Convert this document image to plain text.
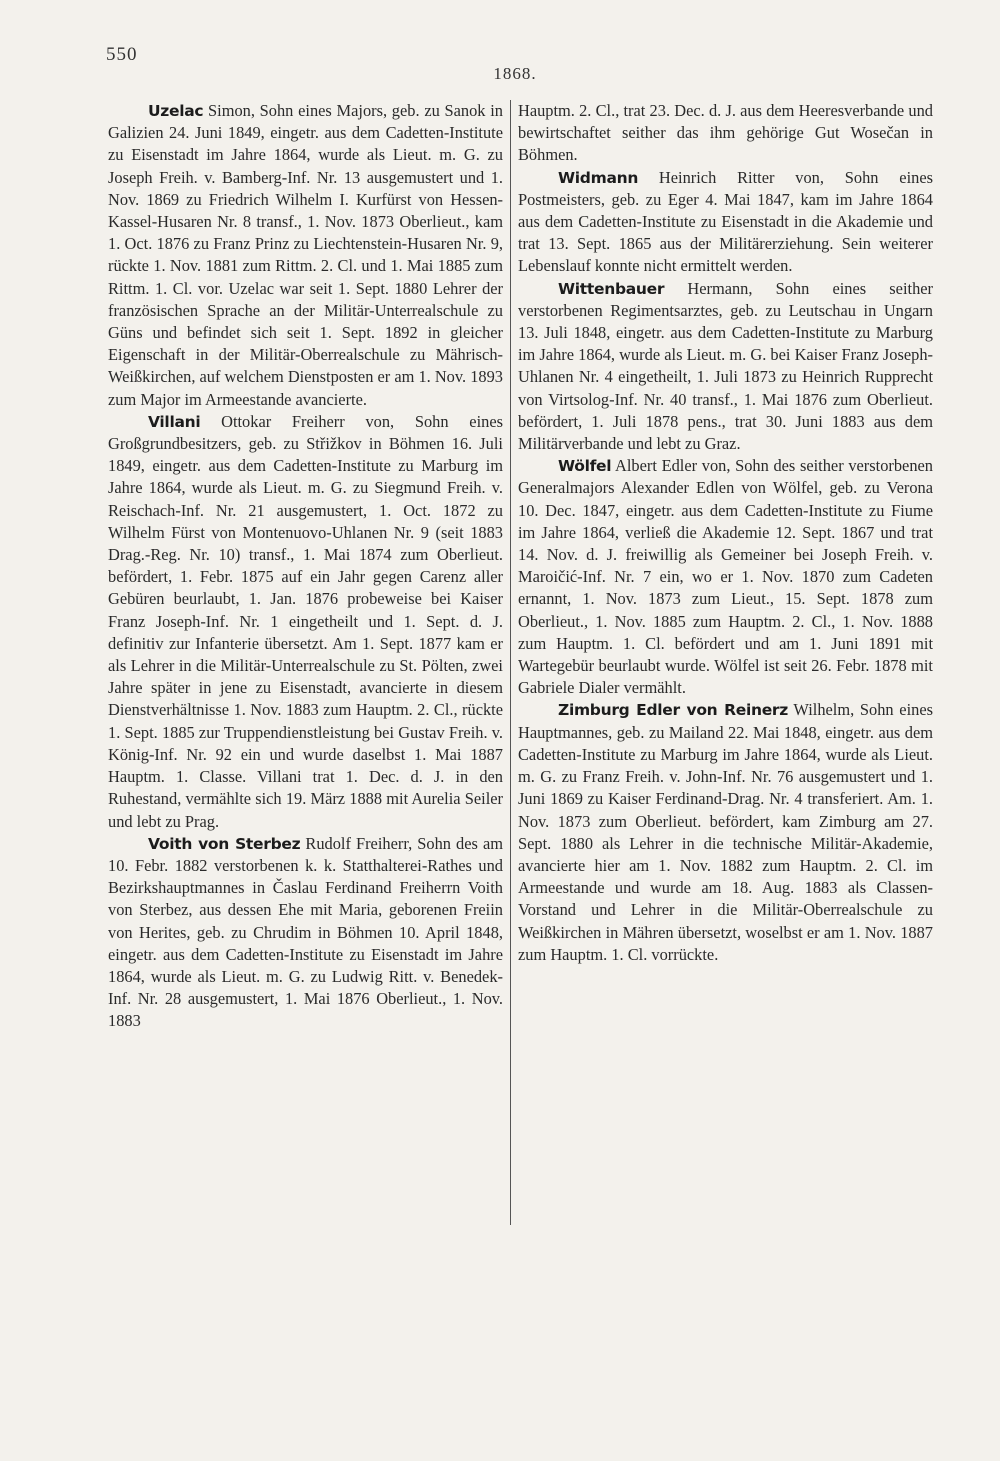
550
1868.

Uzelac Simon, Sohn eines Majors, geb. zu Sanok in Galizien 24. Juni 1849, eingetr. aus dem Cadetten-Institute zu Eisenstadt im Jahre 1864, wurde als Lieut. m. G. zu Joseph Freih. v. Bamberg-Inf. Nr. 13 ausgemustert und 1. Nov. 1869 zu Friedrich Wilhelm I. Kurfürst von Hessen-Kassel-Husaren Nr. 8 transf., 1. Nov. 1873 Oberlieut., kam 1. Oct. 1876 zu Franz Prinz zu Liechtenstein-Husaren Nr. 9, rückte 1. Nov. 1881 zum Rittm. 2. Cl. und 1. Mai 1885 zum Rittm. 1. Cl. vor. Uzelac war seit 1. Sept. 1880 Lehrer der französischen Sprache an der Militär-Unterrealschule zu Güns und befindet sich seit 1. Sept. 1892 in gleicher Eigenschaft in der Militär-Oberrealschule zu Mährisch-Weißkirchen, auf welchem Dienstposten er am 1. Nov. 1893 zum Major im Armeestande avancierte.

Villani Ottokar Freiherr von, Sohn eines Großgrundbesitzers, geb. zu Střižkov in Böhmen 16. Juli 1849, eingetr. aus dem Cadetten-Institute zu Marburg im Jahre 1864, wurde als Lieut. m. G. zu Siegmund Freih. v. Reischach-Inf. Nr. 21 ausgemustert, 1. Oct. 1872 zu Wilhelm Fürst von Montenuovo-Uhlanen Nr. 9 (seit 1883 Drag.-Reg. Nr. 10) transf., 1. Mai 1874 zum Oberlieut. befördert, 1. Febr. 1875 auf ein Jahr gegen Carenz aller Gebüren beurlaubt, 1. Jan. 1876 probeweise bei Kaiser Franz Joseph-Inf. Nr. 1 eingetheilt und 1. Sept. d. J. definitiv zur Infanterie übersetzt. Am 1. Sept. 1877 kam er als Lehrer in die Militär-Unterrealschule zu St. Pölten, zwei Jahre später in jene zu Eisenstadt, avancierte in diesem Dienstverhältnisse 1. Nov. 1883 zum Hauptm. 2. Cl., rückte 1. Sept. 1885 zur Truppendienstleistung bei Gustav Freih. v. König-Inf. Nr. 92 ein und wurde daselbst 1. Mai 1887 Hauptm. 1. Classe. Villani trat 1. Dec. d. J. in den Ruhestand, vermählte sich 19. März 1888 mit Aurelia Seiler und lebt zu Prag.

Voith von Sterbez Rudolf Freiherr, Sohn des am 10. Febr. 1882 verstorbenen k. k. Statthalterei-Rathes und Bezirkshauptmannes in Časlau Ferdinand Freiherrn Voith von Sterbez, aus dessen Ehe mit Maria, geborenen Freiin von Herites, geb. zu Chrudim in Böhmen 10. April 1848, eingetr. aus dem Cadetten-Institute zu Eisenstadt im Jahre 1864, wurde als Lieut. m. G. zu Ludwig Ritt. v. Benedek-Inf. Nr. 28 ausgemustert, 1. Mai 1876 Oberlieut., 1. Nov. 1883

Hauptm. 2. Cl., trat 23. Dec. d. J. aus dem Heeresverbande und bewirtschaftet seither das ihm gehörige Gut Wosečan in Böhmen.

Widmann Heinrich Ritter von, Sohn eines Postmeisters, geb. zu Eger 4. Mai 1847, kam im Jahre 1864 aus dem Cadetten-Institute zu Eisenstadt in die Akademie und trat 13. Sept. 1865 aus der Militärerziehung. Sein weiterer Lebenslauf konnte nicht ermittelt werden.

Wittenbauer Hermann, Sohn eines seither verstorbenen Regimentsarztes, geb. zu Leutschau in Ungarn 13. Juli 1848, eingetr. aus dem Cadetten-Institute zu Marburg im Jahre 1864, wurde als Lieut. m. G. bei Kaiser Franz Joseph-Uhlanen Nr. 4 eingetheilt, 1. Juli 1873 zu Heinrich Rupprecht von Virtsolog-Inf. Nr. 40 transf., 1. Mai 1876 zum Oberlieut. befördert, 1. Juli 1878 pens., trat 30. Juni 1883 aus dem Militärverbande und lebt zu Graz.

Wölfel Albert Edler von, Sohn des seither verstorbenen Generalmajors Alexander Edlen von Wölfel, geb. zu Verona 10. Dec. 1847, eingetr. aus dem Cadetten-Institute zu Fiume im Jahre 1864, verließ die Akademie 12. Sept. 1867 und trat 14. Nov. d. J. freiwillig als Gemeiner bei Joseph Freih. v. Maroičić-Inf. Nr. 7 ein, wo er 1. Nov. 1870 zum Cadeten ernannt, 1. Nov. 1873 zum Lieut., 15. Sept. 1878 zum Oberlieut., 1. Nov. 1885 zum Hauptm. 2. Cl., 1. Nov. 1888 zum Hauptm. 1. Cl. befördert und am 1. Juni 1891 mit Wartegebür beurlaubt wurde. Wölfel ist seit 26. Febr. 1878 mit Gabriele Dialer vermählt.

Zimburg Edler von Reinerz Wilhelm, Sohn eines Hauptmannes, geb. zu Mailand 22. Mai 1848, eingetr. aus dem Cadetten-Institute zu Marburg im Jahre 1864, wurde als Lieut. m. G. zu Franz Freih. v. John-Inf. Nr. 76 ausgemustert und 1. Juni 1869 zu Kaiser Ferdinand-Drag. Nr. 4 transferiert. Am. 1. Nov. 1873 zum Oberlieut. befördert, kam Zimburg am 27. Sept. 1880 als Lehrer in die technische Militär-Akademie, avancierte hier am 1. Nov. 1882 zum Hauptm. 2. Cl. im Armeestande und wurde am 18. Aug. 1883 als Classen-Vorstand und Lehrer in die Militär-Oberrealschule zu Weißkirchen in Mähren übersetzt, woselbst er am 1. Nov. 1887 zum Hauptm. 1. Cl. vorrückte.
